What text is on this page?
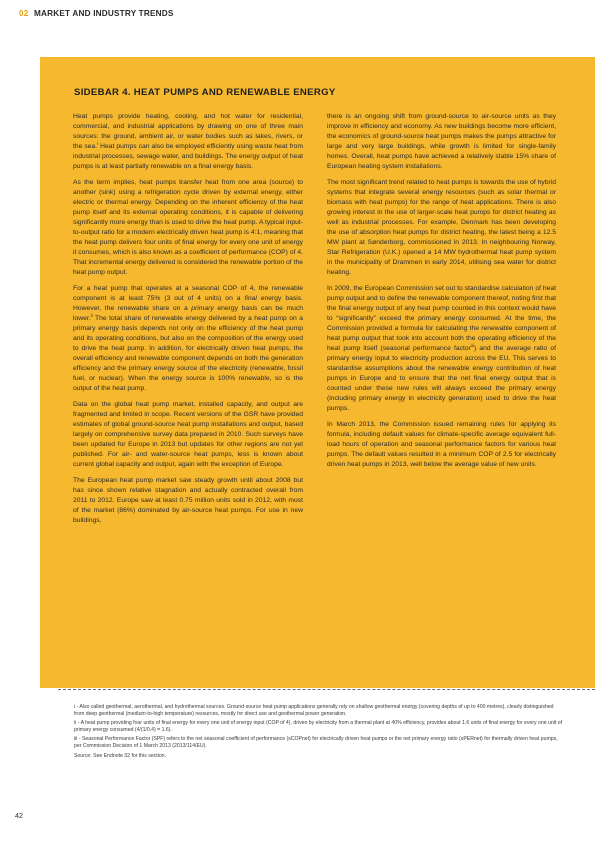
02 MARKET AND INDUSTRY TRENDS
SIDEBAR 4. HEAT PUMPS AND RENEWABLE ENERGY

Heat pumps provide heating, cooling, and hot water for residential, commercial, and industrial applications by drawing on one of three main sources: the ground, ambient air, or water bodies such as lakes, rivers, or the sea.$^i$ Heat pumps can also be employed efficiently using waste heat from industrial processes, sewage water, and buildings. The energy output of heat pumps is at least partially renewable on a final energy basis.

As the term implies, heat pumps transfer heat from one area (source) to another (sink) using a refrigeration cycle driven by external energy, either electric or thermal energy. Depending on the inherent efficiency of the heat pump itself and its external operating conditions, it is capable of delivering significantly more energy than is used to drive the heat pump. A typical input-to-output ratio for a modern electrically driven heat pump is 4:1, meaning that the heat pump delivers four units of final energy for every one unit of energy it consumes, which is also known as a coefficient of performance (COP) of 4. That incremental energy delivered is considered the renewable portion of the heat pump output.

For a heat pump that operates at a seasonal COP of 4, the renewable component is at least 75% (3 out of 4 units) on a final energy basis. However, the renewable share on a primary energy basis can be much lower.$^{ii}$ The total share of renewable energy delivered by a heat pump on a primary energy basis depends not only on the efficiency of the heat pump and its operating conditions, but also on the composition of the energy used to drive the heat pump. In addition, for electrically driven heat pumps, the overall efficiency and renewable component depends on both the generation efficiency and the primary energy source of the electricity (renewable, fossil fuel, or nuclear). When the energy source is 100% renewable, so is the output of the heat pump.

Data on the global heat pump market, installed capacity, and output are fragmented and limited in scope. Recent versions of the GSR have provided estimates of global ground-source heat pump installations and output, based largely on comprehensive survey data prepared in 2010. Such surveys have been updated for Europe in 2013 but updates for other regions are not yet published. For air- and water-source heat pumps, less is known about current global capacity and output, again with the exception of Europe.

The European heat pump market saw steady growth until about 2008 but has since shown relative stagnation and actually contracted overall from 2011 to 2012. Europe saw at least 0.75 million units sold in 2012, with most of the market (86%) dominated by air-source heat pumps. For use in new buildings,

there is an ongoing shift from ground-source to air-source units as they improve in efficiency and economy. As new buildings become more efficient, the economics of ground-source heat pumps makes the pumps attractive for large and very large buildings, while growth is limited for single-family homes. Overall, heat pumps have achieved a relatively stable 15% share of European heating system installations.

The most significant trend related to heat pumps is towards the use of hybrid systems that integrate several energy resources (such as solar thermal or biomass with heat pumps) for the range of heat applications. There is also growing interest in the use of larger-scale heat pumps for district heating as well as industrial processes. For example, Denmark has been developing the use of absorption heat pumps for district heating, the latest being a 12.5 MW plant at Sønderborg, commissioned in 2013. In neighbouring Norway, Star Refrigeration (U.K.) opened a 14 MW hydrothermal heat pump system in the municipality of Drammen in early 2014, utilising sea water for district heating.

In 2009, the European Commission set out to standardise calculation of heat pump output and to define the renewable component thereof, noting first that the final energy output of any heat pump counted in this context would have to “significantly” exceed the primary energy consumed. At the time, the Commission provided a formula for calculating the renewable component of heat pump output that took into account both the operating efficiency of the heat pump itself (seasonal performance factor$^{iii}$) and the average ratio of primary energy input to electricity production across the EU. This serves to standardise assumptions about the renewable energy contribution of heat pumps in Europe and to ensure that the net final energy output that is counted under these new rules will always exceed the primary energy (including primary energy in electricity generation) used to drive the heat pumps.

In March 2013, the Commission issued remaining rules for applying its formula, including default values for climate-specific average equivalent full-load hours of operation and seasonal performance factors for various heat pumps. The default values resulted in a minimum COP of 2.5 for electrically driven heat pumps in 2013, well below the average value of new units.

i - Also called geothermal, aerothermal, and hydrothermal sources. Ground-source heat pump applications generally rely on shallow geothermal energy (covering depths of up to 400 metres), clearly distinguished from deep geothermal (medium-to-high temperature) resources, mostly for direct use and geothermal power generation.

ii - A heat pump providing four units of final energy for every one unit of energy input (COP of 4), driven by electricity from a thermal plant at 40% efficiency, provides about 1.6 units of final energy for every one unit of primary energy consumed (4/(1/0.4) = 1.6).

iii - Seasonal Performance Factor (SPF) refers to the net seasonal coefficient of performance (sCOPnet) for electrically driven heat pumps or the net primary energy ratio (sPERnet) for thermally driven heat pumps, per Commission Decision of 1 March 2013 (2013/114/EU).

Source: See Endnote 32 for this section.

42
